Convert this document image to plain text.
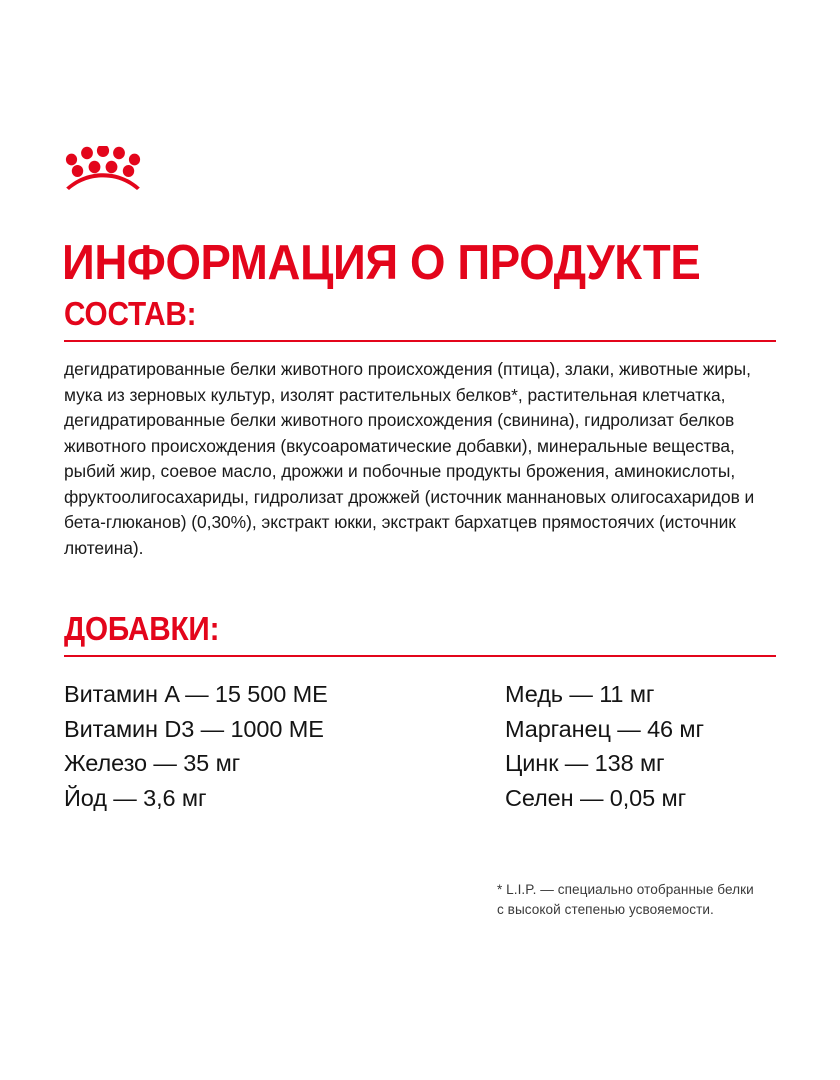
ИНФОРМАЦИЯ О ПРОДУКТЕ
СОСТАВ:

дегидратированные белки животного происхождения (птица), злаки, животные жиры, мука из зерновых культур, изолят растительных белков*, растительная клетчатка, дегидратированные белки животного происхождения (свинина), гидролизат белков животного происхождения (вкусоароматические добавки), минеральные вещества, рыбий жир, соевое масло, дрожжи и побочные продукты брожения, аминокислоты, фруктоолигосахариды, гидролизат дрожжей (источник маннановых олигосахаридов и бета-глюканов) (0,30%), экстракт юкки, экстракт бархатцев прямостоячих (источник лютеина).

ДОБАВКИ:
Витамин A — 15 500 МЕ	Медь — 11 мг
Витамин D3 — 1000 МЕ	Марганец — 46 мг
Железо — 35 мг	Цинк — 138 мг
Йод — 3,6 мг	Селен — 0,05 мг
* L.I.P. — специально отобранные белки
с высокой степенью усвояемости.
